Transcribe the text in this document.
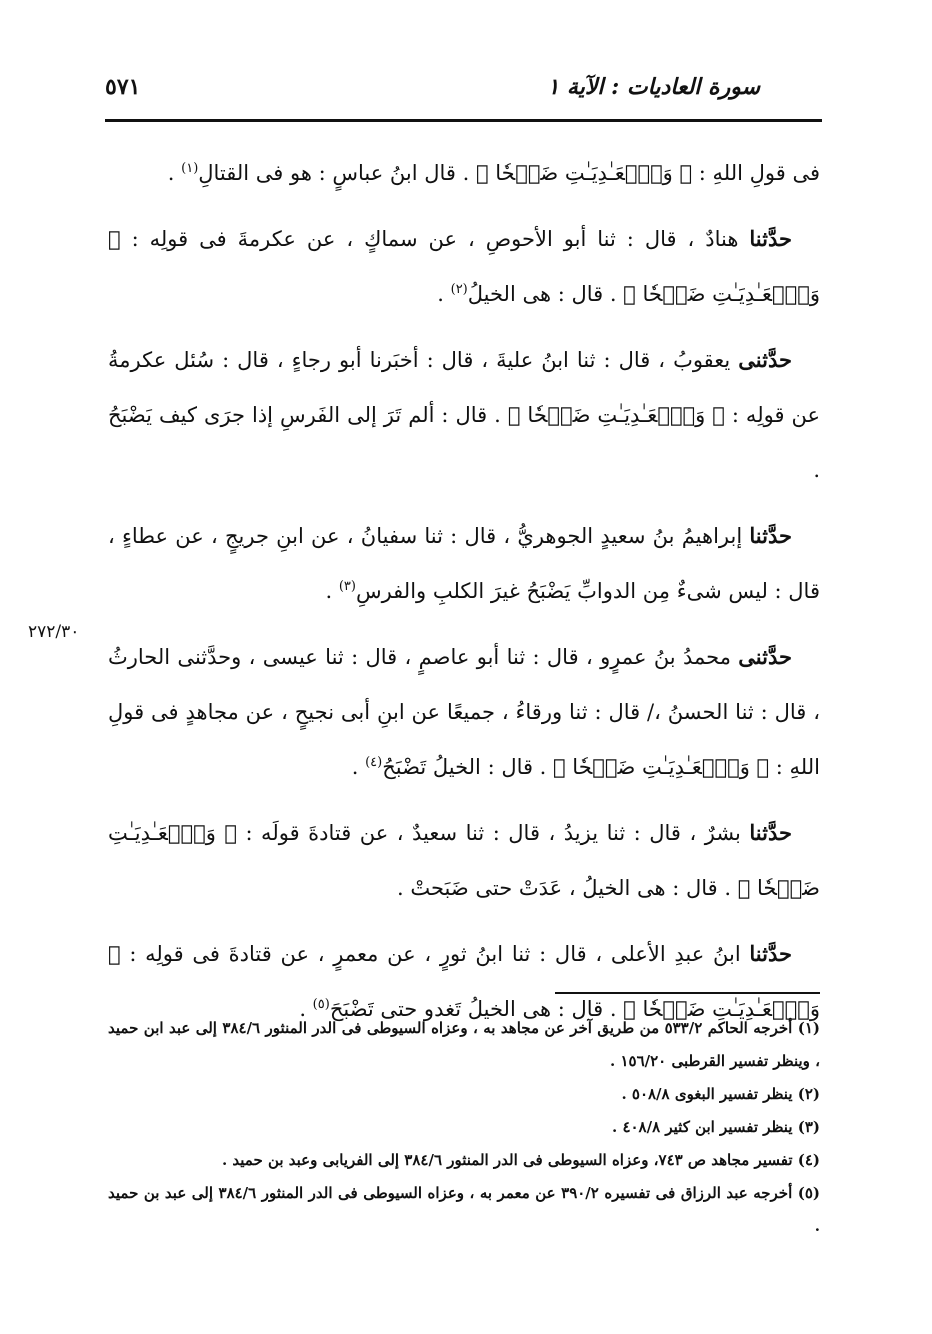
سورة العاديات : الآية ١
٥٧١
٢٧٢/٣٠

فى قولِ اللهِ : ﴿ وَٱلۡعَـٰدِيَـٰتِ ضَبۡحٗا ﴾ . قال ابنُ عباسٍ : هو فى القتالِ$^{(١)}$ .

حدَّثنا هنادٌ ، قال : ثنا أبو الأحوصِ ، عن سماكٍ ، عن عكرمةَ فى قولِه : ﴿ وَٱلۡعَـٰدِيَـٰتِ ضَبۡحٗا ﴾ . قال : هى الخيلُ$^{(٢)}$ .

حدَّثنى يعقوبُ ، قال : ثنا ابنُ عليةَ ، قال : أخبَرنا أبو رجاءٍ ، قال : سُئل عكرمةُ عن قولِه : ﴿ وَٱلۡعَـٰدِيَـٰتِ ضَبۡحٗا ﴾ . قال : ألم تَرَ إلى الفَرسِ إذا جرَى كيف يَضْبَحُ .

حدَّثنا إبراهيمُ بنُ سعيدٍ الجوهريُّ ، قال : ثنا سفيانُ ، عن ابنِ جريجٍ ، عن عطاءٍ ، قال : ليس شىءٌ مِن الدوابِّ يَضْبَحُ غيرَ الكلبِ والفرسِ$^{(٣)}$ .

حدَّثنى محمدُ بنُ عمرٍو ، قال : ثنا أبو عاصمٍ ، قال : ثنا عيسى ، وحدَّثنى الحارثُ ، قال : ثنا الحسنُ ،/ قال : ثنا ورقاءُ ، جميعًا عن ابنِ أبى نجيحٍ ، عن مجاهدٍ فى قولِ اللهِ : ﴿ وَٱلۡعَـٰدِيَـٰتِ ضَبۡحٗا ﴾ . قال : الخيلُ تَضْبَحُ$^{(٤)}$ .

حدَّثنا بشرٌ ، قال : ثنا يزيدُ ، قال : ثنا سعيدٌ ، عن قتادةَ قولَه : ﴿ وَٱلۡعَـٰدِيَـٰتِ ضَبۡحٗا ﴾ . قال : هى الخيلُ ، عَدَتْ حتى ضَبَحتْ .

حدَّثنا ابنُ عبدِ الأعلى ، قال : ثنا ابنُ ثورٍ ، عن معمرٍ ، عن قتادةَ فى قولِه : ﴿ وَٱلۡعَـٰدِيَـٰتِ ضَبۡحٗا ﴾ . قال : هى الخيلُ تَغدو حتى تَضْبَحَ$^{(٥)}$ .

(١) أخرجه الحاكم ٥٣٣/٢ من طريق آخر عن مجاهد به ، وعزاه السيوطى فى الدر المنثور ٣٨٤/٦ إلى عبد ابن حميد ، وينظر تفسير القرطبى ١٥٦/٢٠ .

(٢) ينظر تفسير البغوى ٥٠٨/٨ .

(٣) ينظر تفسير ابن كثير ٤٠٨/٨ .

(٤) تفسير مجاهد ص ٧٤٣، وعزاه السيوطى فى الدر المنثور ٣٨٤/٦ إلى الفريابى وعبد بن حميد .

(٥) أخرجه عبد الرزاق فى تفسيره ٣٩٠/٢ عن معمر به ، وعزاه السيوطى فى الدر المنثور ٣٨٤/٦ إلى عبد بن حميد .
